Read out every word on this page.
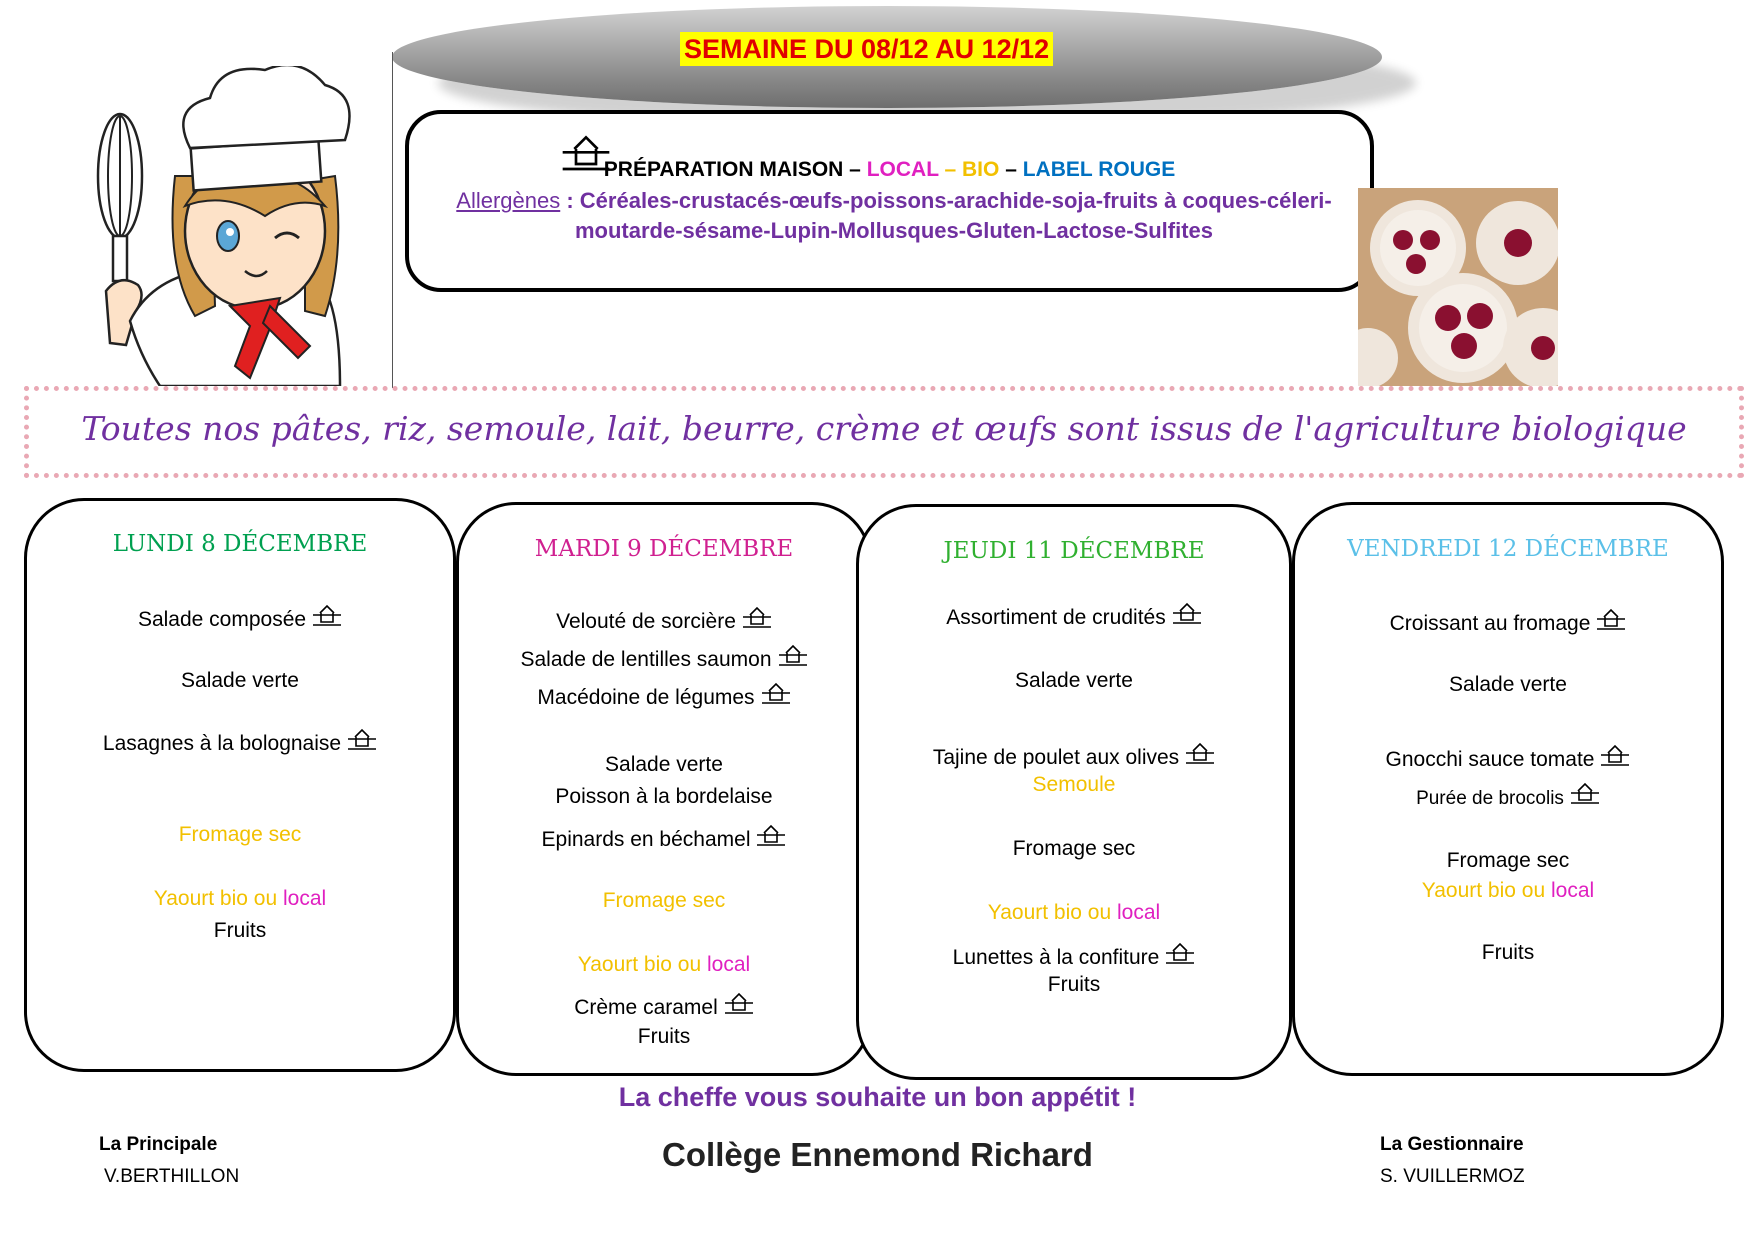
SEMAINE DU 08/12 AU 12/12
PRÉPARATION MAISON – LOCAL – BIO – LABEL ROUGE
Allergènes : Céréales-crustacés-œufs-poissons-arachide-soja-fruits à coques-céleri-moutarde-sésame-Lupin-Mollusques-Gluten-Lactose-Sulfites
Toutes nos pâtes, riz, semoule, lait, beurre, crème et œufs sont issus de l'agriculture biologique
LUNDI 8 DÉCEMBRE
Salade composée
Salade verte
Lasagnes à la bolognaise
Fromage sec
Yaourt bio ou local
Fruits
MARDI 9 DÉCEMBRE
Velouté de sorcière
Salade de lentilles saumon
Macédoine de légumes
Salade verte
Poisson à la bordelaise
Epinards en béchamel
Fromage sec
Yaourt bio ou local
Crème caramel
Fruits
JEUDI 11 DÉCEMBRE
Assortiment de crudités
Salade verte
Tajine de poulet aux olives
Semoule
Fromage sec
Yaourt bio ou local
Lunettes à la confiture
Fruits
VENDREDI 12 DÉCEMBRE
Croissant au fromage
Salade verte
Gnocchi sauce tomate
Purée de brocolis
Fromage sec
Yaourt bio ou local
Fruits
La cheffe vous souhaite un bon appétit !
Collège Ennemond Richard
La Principale
V.BERTHILLON
La Gestionnaire
S. VUILLERMOZ
